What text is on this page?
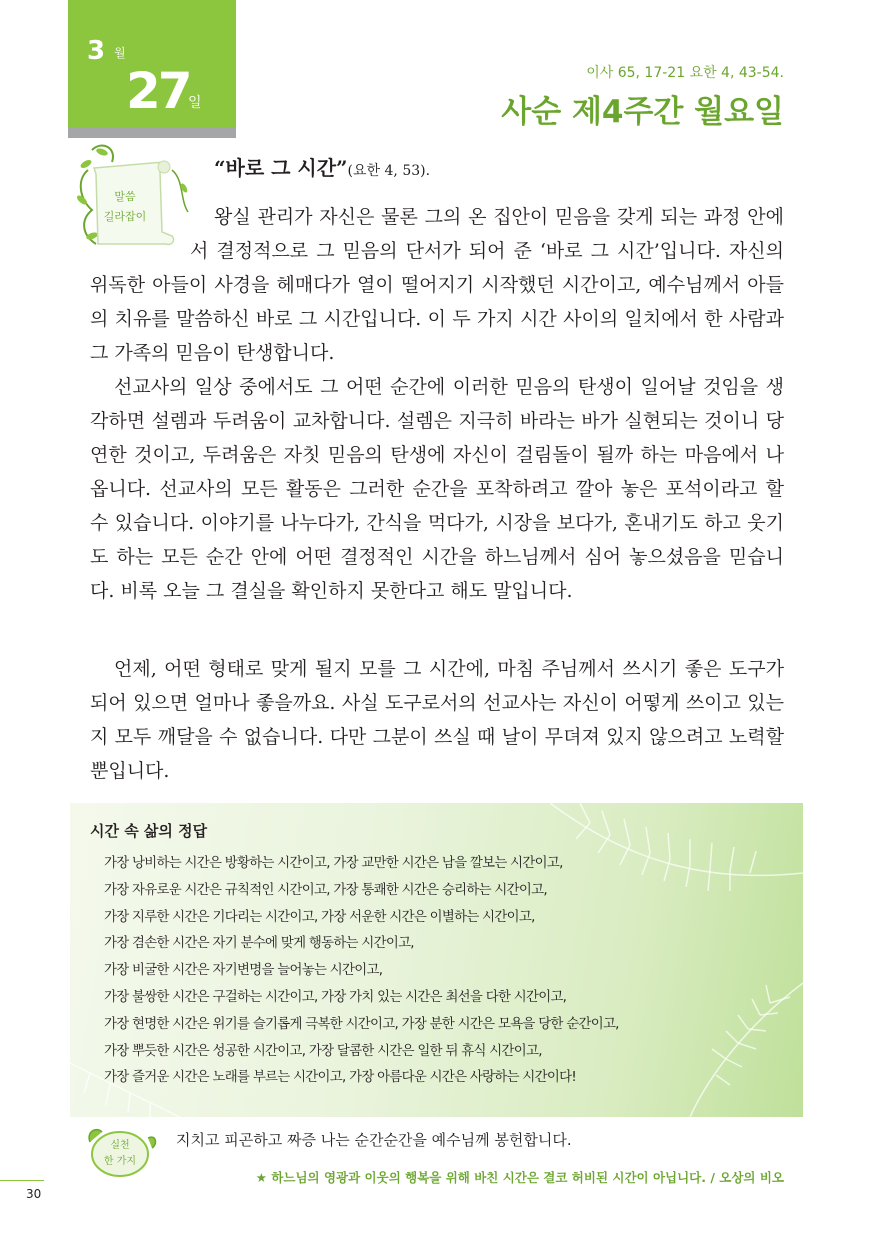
3 월
27
일
이사 65, 17-21 요한 4, 43-54.
사순 제4주간 월요일
말씀
길라잡이
“바로 그 시간”(요한 4, 53).

왕실 관리가 자신은 물론 그의 온 집안이 믿음을 갖게 되는 과정 안에서 결정적으로 그 믿음의 단서가 되어 준 ‘바로 그 시간’입니다. 자신의 위독한 아들이 사경을 헤매다가 열이 떨어지기 시작했던 시간이고, 예수님께서 아들의 치유를 말씀하신 바로 그 시간입니다. 이 두 가지 시간 사이의 일치에서 한 사람과 그 가족의 믿음이 탄생합니다.

선교사의 일상 중에서도 그 어떤 순간에 이러한 믿음의 탄생이 일어날 것임을 생각하면 설렘과 두려움이 교차합니다. 설렘은 지극히 바라는 바가 실현되는 것이니 당연한 것이고, 두려움은 자칫 믿음의 탄생에 자신이 걸림돌이 될까 하는 마음에서 나옵니다. 선교사의 모든 활동은 그러한 순간을 포착하려고 깔아 놓은 포석이라고 할 수 있습니다. 이야기를 나누다가, 간식을 먹다가, 시장을 보다가, 혼내기도 하고 웃기도 하는 모든 순간 안에 어떤 결정적인 시간을 하느님께서 심어 놓으셨음을 믿습니다. 비록 오늘 그 결실을 확인하지 못한다고 해도 말입니다.

언제, 어떤 형태로 맞게 될지 모를 그 시간에, 마침 주님께서 쓰시기 좋은 도구가 되어 있으면 얼마나 좋을까요. 사실 도구로서의 선교사는 자신이 어떻게 쓰이고 있는지 모두 깨달을 수 없습니다. 다만 그분이 쓰실 때 날이 무뎌져 있지 않으려고 노력할 뿐입니다.

시간 속 삶의 정답
가장 낭비하는 시간은 방황하는 시간이고, 가장 교만한 시간은 남을 깔보는 시간이고,
가장 자유로운 시간은 규칙적인 시간이고, 가장 통쾌한 시간은 승리하는 시간이고,
가장 지루한 시간은 기다리는 시간이고, 가장 서운한 시간은 이별하는 시간이고,
가장 겸손한 시간은 자기 분수에 맞게 행동하는 시간이고,
가장 비굴한 시간은 자기변명을 늘어놓는 시간이고,
가장 불쌍한 시간은 구걸하는 시간이고, 가장 가치 있는 시간은 최선을 다한 시간이고,
가장 현명한 시간은 위기를 슬기롭게 극복한 시간이고, 가장 분한 시간은 모욕을 당한 순간이고,
가장 뿌듯한 시간은 성공한 시간이고, 가장 달콤한 시간은 일한 뒤 휴식 시간이고,
가장 즐거운 시간은 노래를 부르는 시간이고, 가장 아름다운 시간은 사랑하는 시간이다!
실천
한 가지
지치고 피곤하고 짜증 나는 순간순간을 예수님께 봉헌합니다.
★ 하느님의 영광과 이웃의 행복을 위해 바친 시간은 결코 허비된 시간이 아닙니다. / 오상의 비오
30
